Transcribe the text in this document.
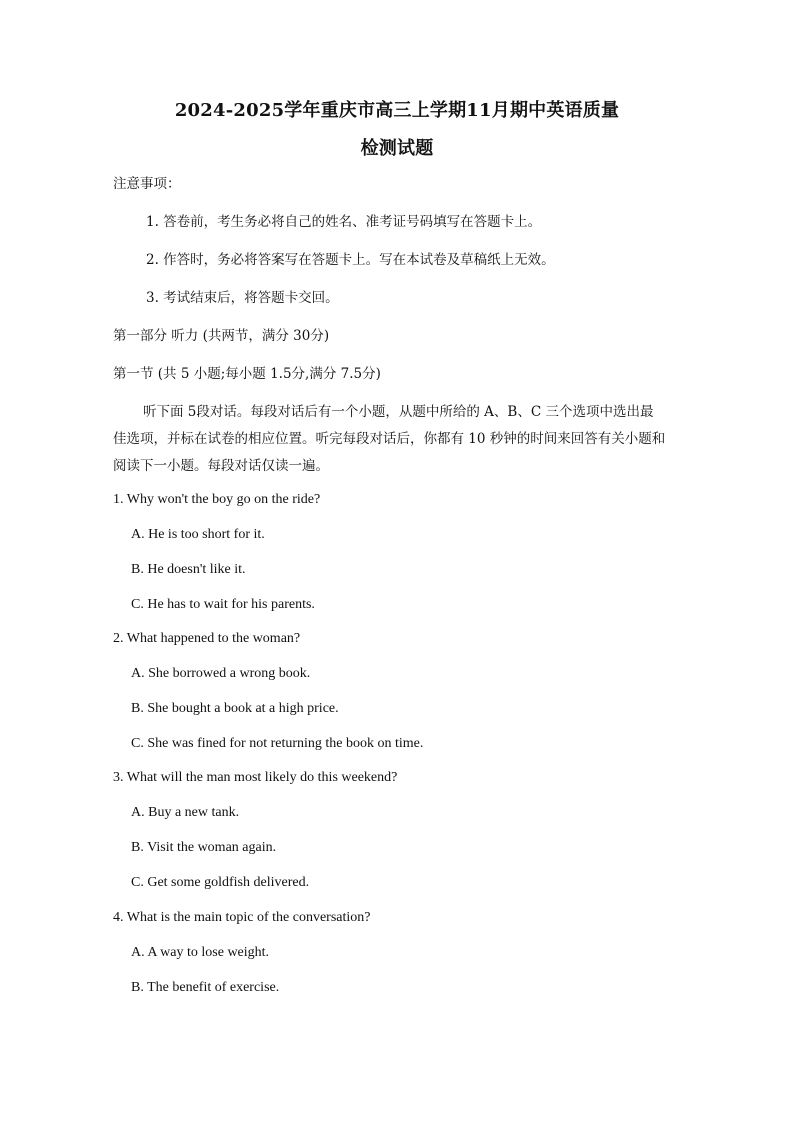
2024-2025学年重庆市高三上学期11月期中英语质量
检测试题
注意事项：
1. 答卷前，考生务必将自己的姓名、准考证号码填写在答题卡上。
2. 作答时，务必将答案写在答题卡上。写在本试卷及草稿纸上无效。
3. 考试结束后，将答题卡交回。
第一部分 听力 (共两节，满分 30分)
第一节 (共 5 小题;每小题 1.5分,满分 7.5分)
听下面 5段对话。每段对话后有一个小题，从题中所给的 A、B、C 三个选项中选出最
佳选项，并标在试卷的相应位置。听完每段对话后，你都有 10 秒钟的时间来回答有关小题和
阅读下一小题。每段对话仅读一遍。
1. Why won't the boy go on the ride?
A. He is too short for it.
B. He doesn't like it.
C. He has to wait for his parents.
2. What happened to the woman?
A. She borrowed a wrong book.
B. She bought a book at a high price.
C. She was fined for not returning the book on time.
3. What will the man most likely do this weekend?
A. Buy a new tank.
B. Visit the woman again.
C. Get some goldfish delivered.
4. What is the main topic of the conversation?
A. A way to lose weight.
B. The benefit of exercise.
